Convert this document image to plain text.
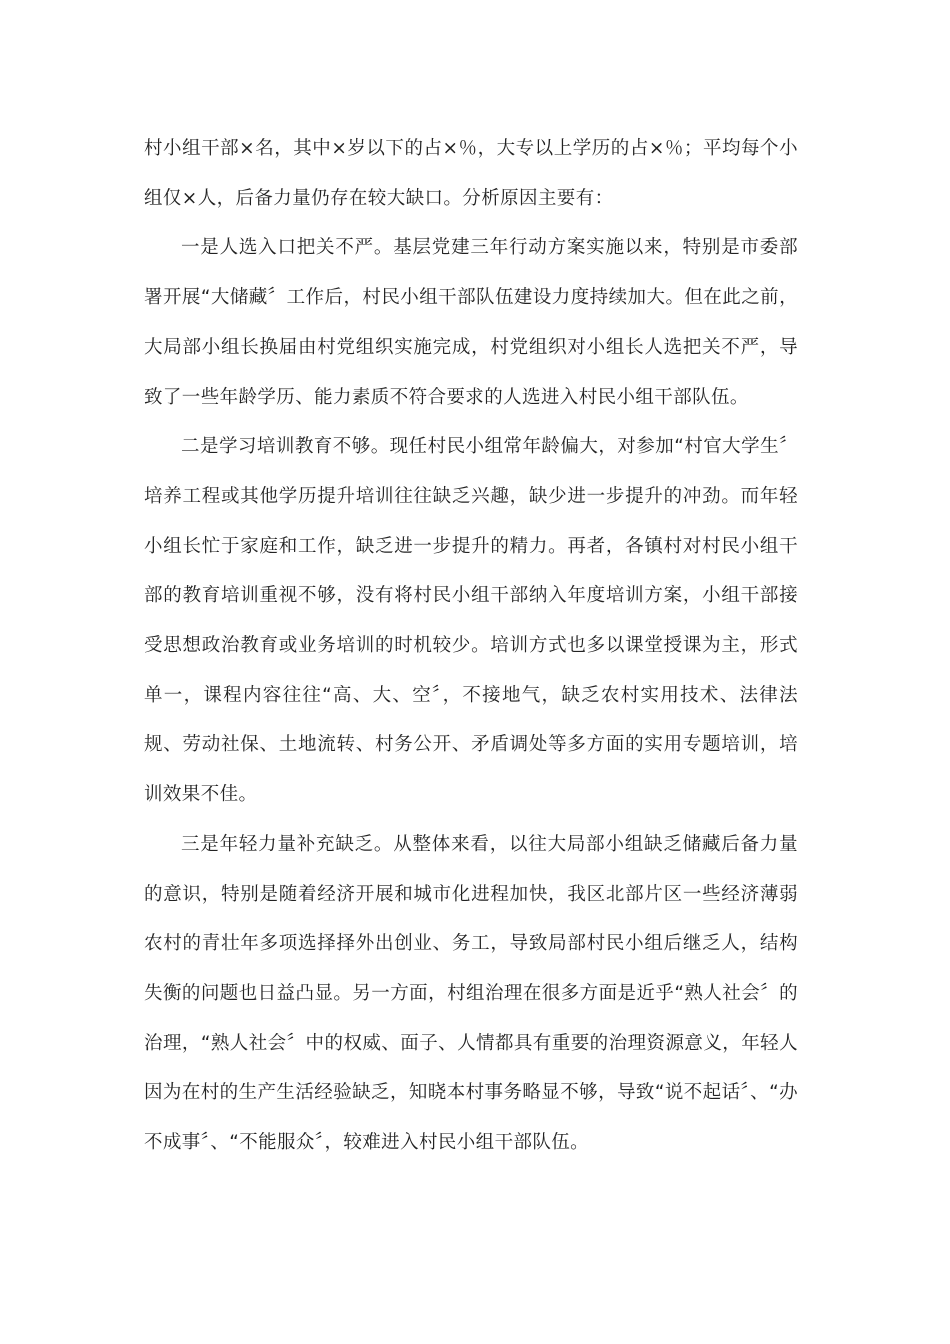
村小组干部×名，其中×岁以下的占×％，大专以上学历的占×％；平均每个小组仅×人，后备力量仍存在较大缺口。分析原因主要有：

一是人选入口把关不严。基层党建三年行动方案实施以来，特别是市委部署开展“大储藏〞工作后，村民小组干部队伍建设力度持续加大。但在此之前，大局部小组长换届由村党组织实施完成，村党组织对小组长人选把关不严，导致了一些年龄学历、能力素质不符合要求的人选进入村民小组干部队伍。

二是学习培训教育不够。现任村民小组常年龄偏大，对参加“村官大学生〞培养工程或其他学历提升培训往往缺乏兴趣，缺少进一步提升的冲劲。而年轻小组长忙于家庭和工作，缺乏进一步提升的精力。再者，各镇村对村民小组干部的教育培训重视不够，没有将村民小组干部纳入年度培训方案，小组干部接受思想政治教育或业务培训的时机较少。培训方式也多以课堂授课为主，形式单一，课程内容往往“高、大、空〞，不接地气，缺乏农村实用技术、法律法规、劳动社保、土地流转、村务公开、矛盾调处等多方面的实用专题培训，培训效果不佳。

三是年轻力量补充缺乏。从整体来看，以往大局部小组缺乏储藏后备力量的意识，特别是随着经济开展和城市化进程加快，我区北部片区一些经济薄弱农村的青壮年多项选择择外出创业、务工，导致局部村民小组后继乏人，结构失衡的问题也日益凸显。另一方面，村组治理在很多方面是近乎“熟人社会〞的治理，“熟人社会〞中的权威、面子、人情都具有重要的治理资源意义，年轻人因为在村的生产生活经验缺乏，知晓本村事务略显不够，导致“说不起话〞、“办不成事〞、“不能服众〞，较难进入村民小组干部队伍。
